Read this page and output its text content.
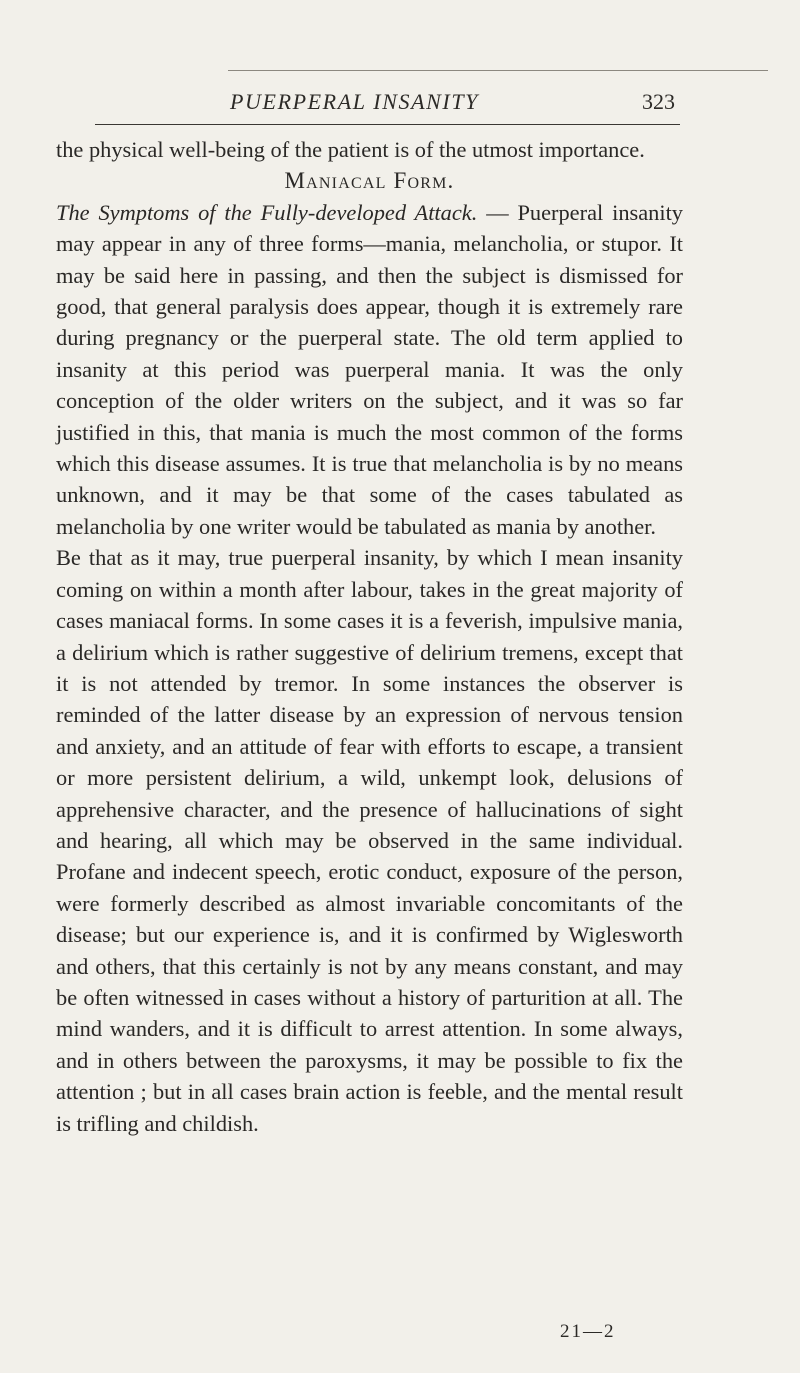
PUERPERAL INSANITY	323

the physical well-being of the patient is of the utmost importance.

Maniacal Form.

The Symptoms of the Fully-developed Attack. — Puerperal insanity may appear in any of three forms—mania, melancholia, or stupor. It may be said here in passing, and then the subject is dismissed for good, that general paralysis does appear, though it is extremely rare during pregnancy or the puerperal state. The old term applied to insanity at this period was puerperal mania. It was the only conception of the older writers on the subject, and it was so far justified in this, that mania is much the most common of the forms which this disease assumes. It is true that melancholia is by no means unknown, and it may be that some of the cases tabulated as melancholia by one writer would be tabulated as mania by another.

Be that as it may, true puerperal insanity, by which I mean insanity coming on within a month after labour, takes in the great majority of cases maniacal forms. In some cases it is a feverish, impulsive mania, a delirium which is rather suggestive of delirium tremens, except that it is not attended by tremor. In some instances the observer is reminded of the latter disease by an expression of nervous tension and anxiety, and an attitude of fear with efforts to escape, a transient or more persistent delirium, a wild, unkempt look, delusions of apprehensive character, and the presence of hallucinations of sight and hearing, all which may be observed in the same individual. Profane and indecent speech, erotic conduct, exposure of the person, were formerly described as almost invariable concomitants of the disease; but our experience is, and it is confirmed by Wiglesworth and others, that this certainly is not by any means constant, and may be often witnessed in cases without a history of parturition at all. The mind wanders, and it is difficult to arrest attention. In some always, and in others between the paroxysms, it may be possible to fix the attention ; but in all cases brain action is feeble, and the mental result is trifling and childish.

21—2
